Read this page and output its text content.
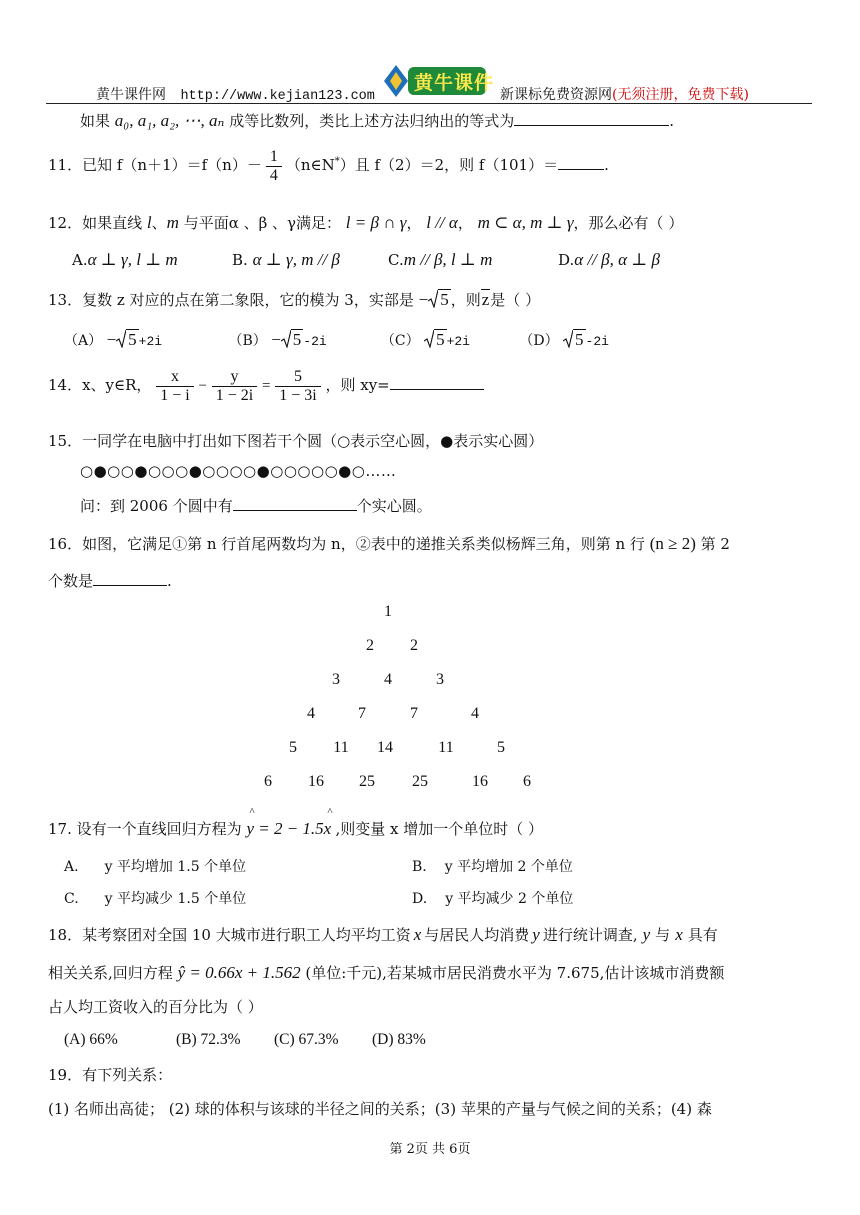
黄牛课件网 http://www.kejian123.com
黄牛课件
新课标免费资源网(无须注册，免费下载)
如果 a₀, a₁, a₂, ⋯, aₙ 成等比数列，类比上述方法归纳出的等式为	.
11．已知 $f(n+1)=f(n)- \frac{1}{4}$ （n∈N*）且 f（2）＝2，则 f（101）＝	.
12．如果直线 l、m 与平面α 、β 、γ满足： l = β ∩ γ， l // α， m ⊂ α, m ⊥ γ，那么必有（ ）
A.α ⊥ γ, l ⊥ m	B. α ⊥ γ, m // β	C.m // β, l ⊥ m	D.α // β, α ⊥ β
13．复数 z 对应的点在第二象限，它的模为 3，实部是 − 5 ，则z是（ ）
（A） − 5 +2i	（B） − 5 -2i	（C） 5 +2i	（D） 5 -2i
14．x、y∈R， $\frac{x}{1 - i} - \frac{y}{1 - 2i} = \frac{5}{1 - 3i}$ ，则 xy=
15．一同学在电脑中打出如下图若干个圆（○表示空心圆，●表示实心圆）
○●○○●○○○●○○○○●○○○○○●○……
问：到 2006 个圆中有	个实心圆。
16．如图，它满足①第 n 行首尾两数均为 n，②表中的递推关系类似杨辉三角，则第 n 行 (n ≥ 2) 第 2
个数是	.
1
2	2
3	4	3
4	7	7	4
5	11	14	11	5
6	16	25	25	16	6
17. 设有一个直线回归方程为
^	^
y = 2 − 1.5x ,则变量 x 增加一个单位时（ ）
A. y 平均增加 1.5 个单位	B. y 平均增加 2 个单位
C. y 平均减少 1.5 个单位	D. y 平均减少 2 个单位
18．某考察团对全国 10 大城市进行职工人均平均工资 x 与居民人均消费 y 进行统计调查, y 与 x 具有
相关关系,回归方程 ŷ = 0.66x + 1.562 (单位:千元),若某城市居民消费水平为 7.675,估计该城市消费额
占人均工资收入的百分比为（ ）
(A) 66%	(B) 72.3% (C) 67.3% (D) 83%
19．有下列关系：
(1) 名师出高徒； (2) 球的体积与该球的半径之间的关系；(3) 苹果的产量与气候之间的关系；(4) 森
第 2页 共 6页
